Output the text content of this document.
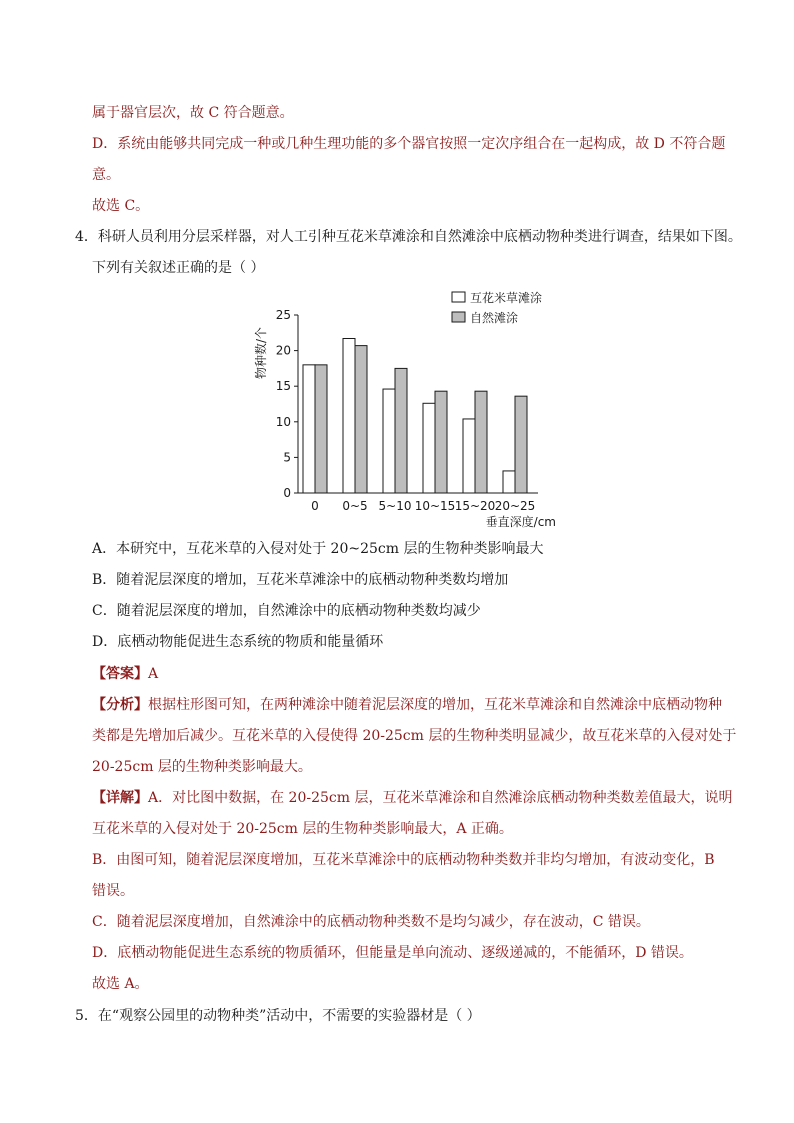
属于器官层次，故 C 符合题意。
D．系统由能够共同完成一种或几种生理功能的多个器官按照一定次序组合在一起构成，故 D 不符合题
意。
故选 C。
4．科研人员利用分层采样器，对人工引种互花米草滩涂和自然滩涂中底栖动物种类进行调查，结果如下图。
下列有关叙述正确的是（ ）
0
5
10
15
20
25
物种数/个
0 0~5 5~10 10~15 15~20 20~25
垂直深度/cm
互花米草滩涂
自然滩涂
A．本研究中，互花米草的入侵对处于 20~25cm 层的生物种类影响最大
B．随着泥层深度的增加，互花米草滩涂中的底栖动物种类数均增加
C．随着泥层深度的增加，自然滩涂中的底栖动物种类数均减少
D．底栖动物能促进生态系统的物质和能量循环
【答案】A
【分析】根据柱形图可知，在两种滩涂中随着泥层深度的增加，互花米草滩涂和自然滩涂中底栖动物种
类都是先增加后减少。互花米草的入侵使得 20-25cm 层的生物种类明显减少，故互花米草的入侵对处于
20-25cm 层的生物种类影响最大。
【详解】A．对比图中数据，在 20-25cm 层，互花米草滩涂和自然滩涂底栖动物种类数差值最大，说明
互花米草的入侵对处于 20-25cm 层的生物种类影响最大，A 正确。
B．由图可知，随着泥层深度增加，互花米草滩涂中的底栖动物种类数并非均匀增加，有波动变化，B
错误。
C．随着泥层深度增加，自然滩涂中的底栖动物种类数不是均匀减少，存在波动，C 错误。
D．底栖动物能促进生态系统的物质循环，但能量是单向流动、逐级递减的，不能循环，D 错误。
故选 A。
5．在“观察公园里的动物种类”活动中，不需要的实验器材是（ ）
